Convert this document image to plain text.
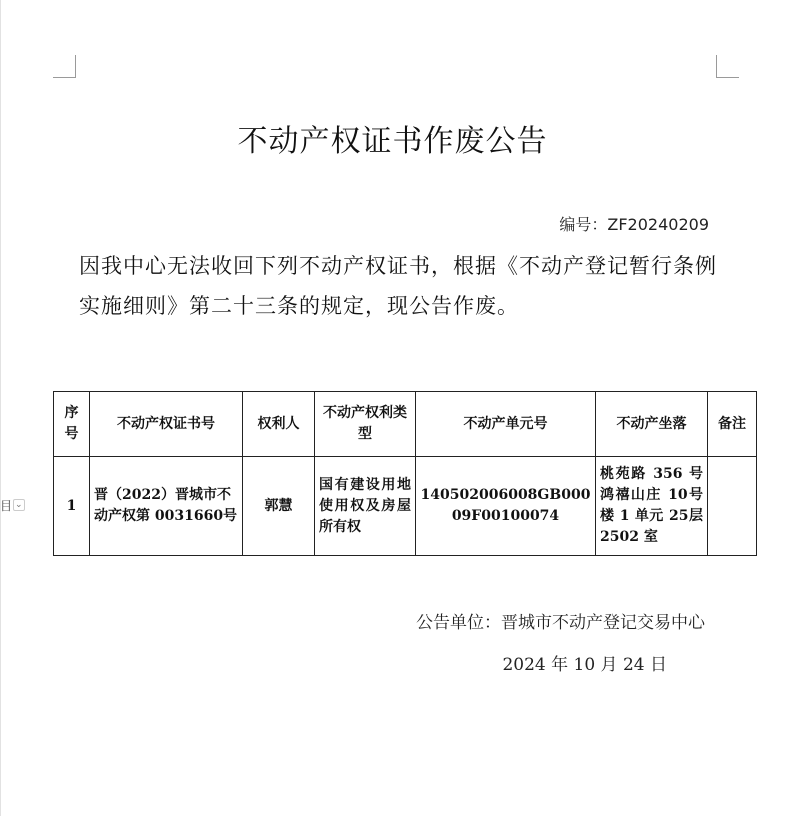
目 ⌄
不动产权证书作废公告
编号：ZF20240209
因我中心无法收回下列不动产权证书，根据《不动产登记暂行条例实施细则》第二十三条的规定，现公告作废。
序号	不动产权证书号	权利人	不动产权利类型	不动产单元号	不动产坐落	备注
1	晋（2022）晋城市不动产权第 0031660号	郭慧	国有建设用地使用权及房屋所有权	140502006008GB00009F00100074	桃苑路 356 号鸿禧山庄 10号楼 1 单元 25层 2502 室	
公告单位：晋城市不动产登记交易中心
2024 年 10 月 24 日
